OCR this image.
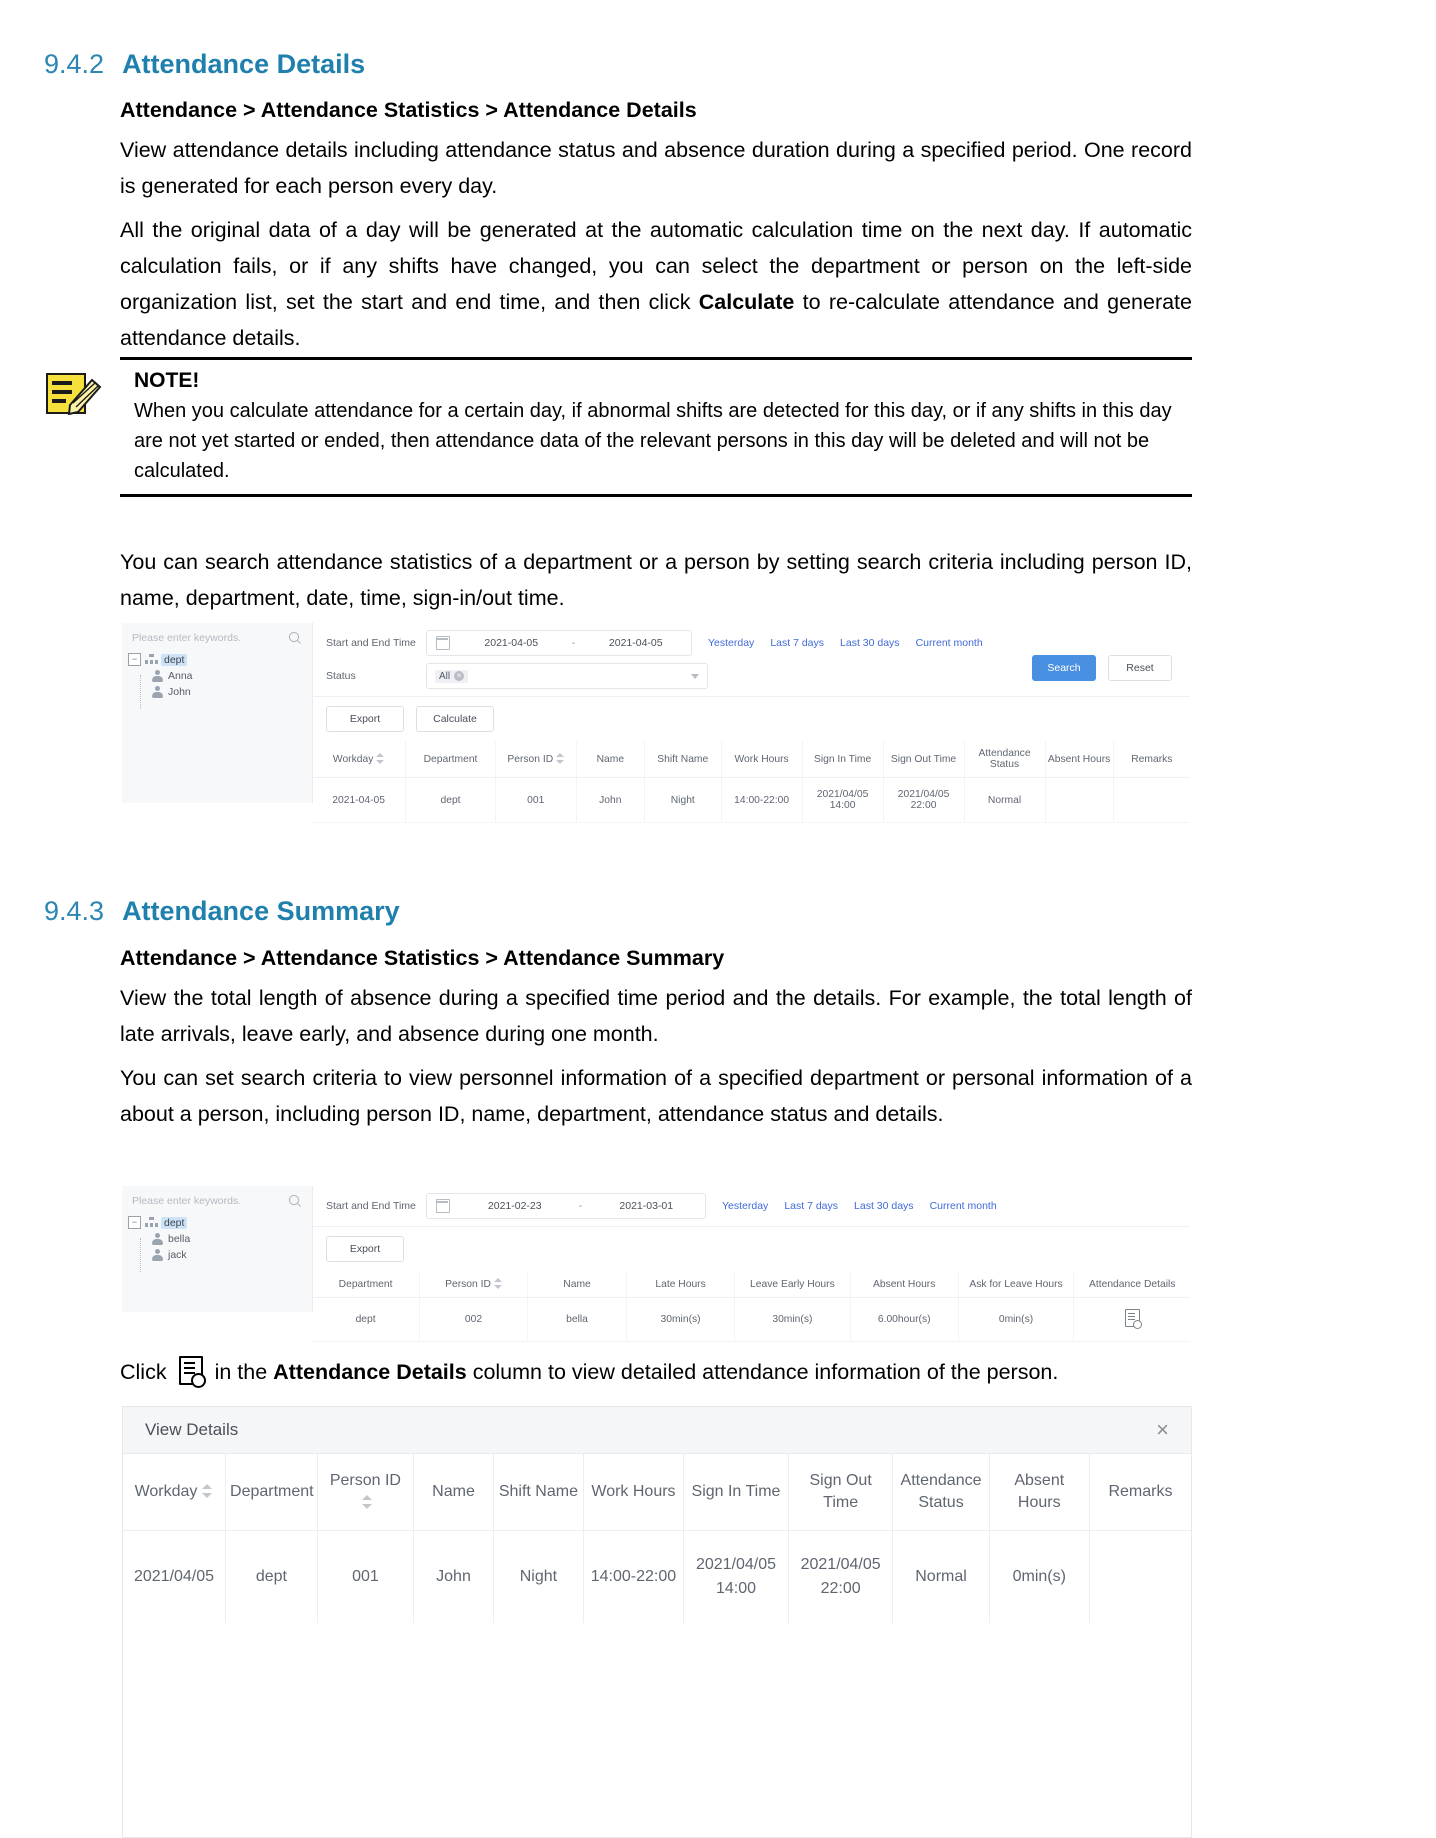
9.4.2 Attendance Details
Attendance > Attendance Statistics > Attendance Details
View attendance details including attendance status and absence duration during a specified period. One record is generated for each person every day.
All the original data of a day will be generated at the automatic calculation time on the next day. If automatic calculation fails, or if any shifts have changed, you can select the department or person on the left-side organization list, set the start and end time, and then click Calculate to re-calculate attendance and generate attendance details.
NOTE!
When you calculate attendance for a certain day, if abnormal shifts are detected for this day, or if any shifts in this day are not yet started or ended, then attendance data of the relevant persons in this day will be deleted and will not be calculated.
You can search attendance statistics of a department or a person by setting search criteria including person ID, name, department, date, time, sign-in/out time.
Please enter keywords.
−	dept
Anna
John
Start and End Time	2021-04-05	-	2021-04-05	Yesterday Last 7 days Last 30 days Current month
Status	All ×
Search	Reset
Export	Calculate
Workday	Department	Person ID	Name	Shift Name	Work Hours	Sign In Time	Sign Out Time	Attendance Status	Absent Hours	Remarks
2021-04-05	dept	001	John	Night	14:00-22:00	2021/04/05 14:00	2021/04/05 22:00	Normal		
9.4.3 Attendance Summary
Attendance > Attendance Statistics > Attendance Summary
View the total length of absence during a specified time period and the details. For example, the total length of late arrivals, leave early, and absence during one month.
You can set search criteria to view personnel information of a specified department or personal information of a about a person, including person ID, name, department, attendance status and details.
Please enter keywords.
−	dept
bella
jack
Start and End Time	2021-02-23	-	2021-03-01	Yesterday Last 7 days Last 30 days Current month
Export
Department	Person ID	Name	Late Hours	Leave Early Hours	Absent Hours	Ask for Leave Hours	Attendance Details
dept	002	bella	30min(s)	30min(s)	6.00hour(s)	0min(s)	
Click in the Attendance Details column to view detailed attendance information of the person.
View Details	×
Workday	Department	Person ID	Name	Shift Name	Work Hours	Sign In Time	Sign Out Time	Attendance Status	Absent Hours	Remarks
2021/04/05	dept	001	John	Night	14:00-22:00	2021/04/05 14:00	2021/04/05 22:00	Normal	0min(s)	
